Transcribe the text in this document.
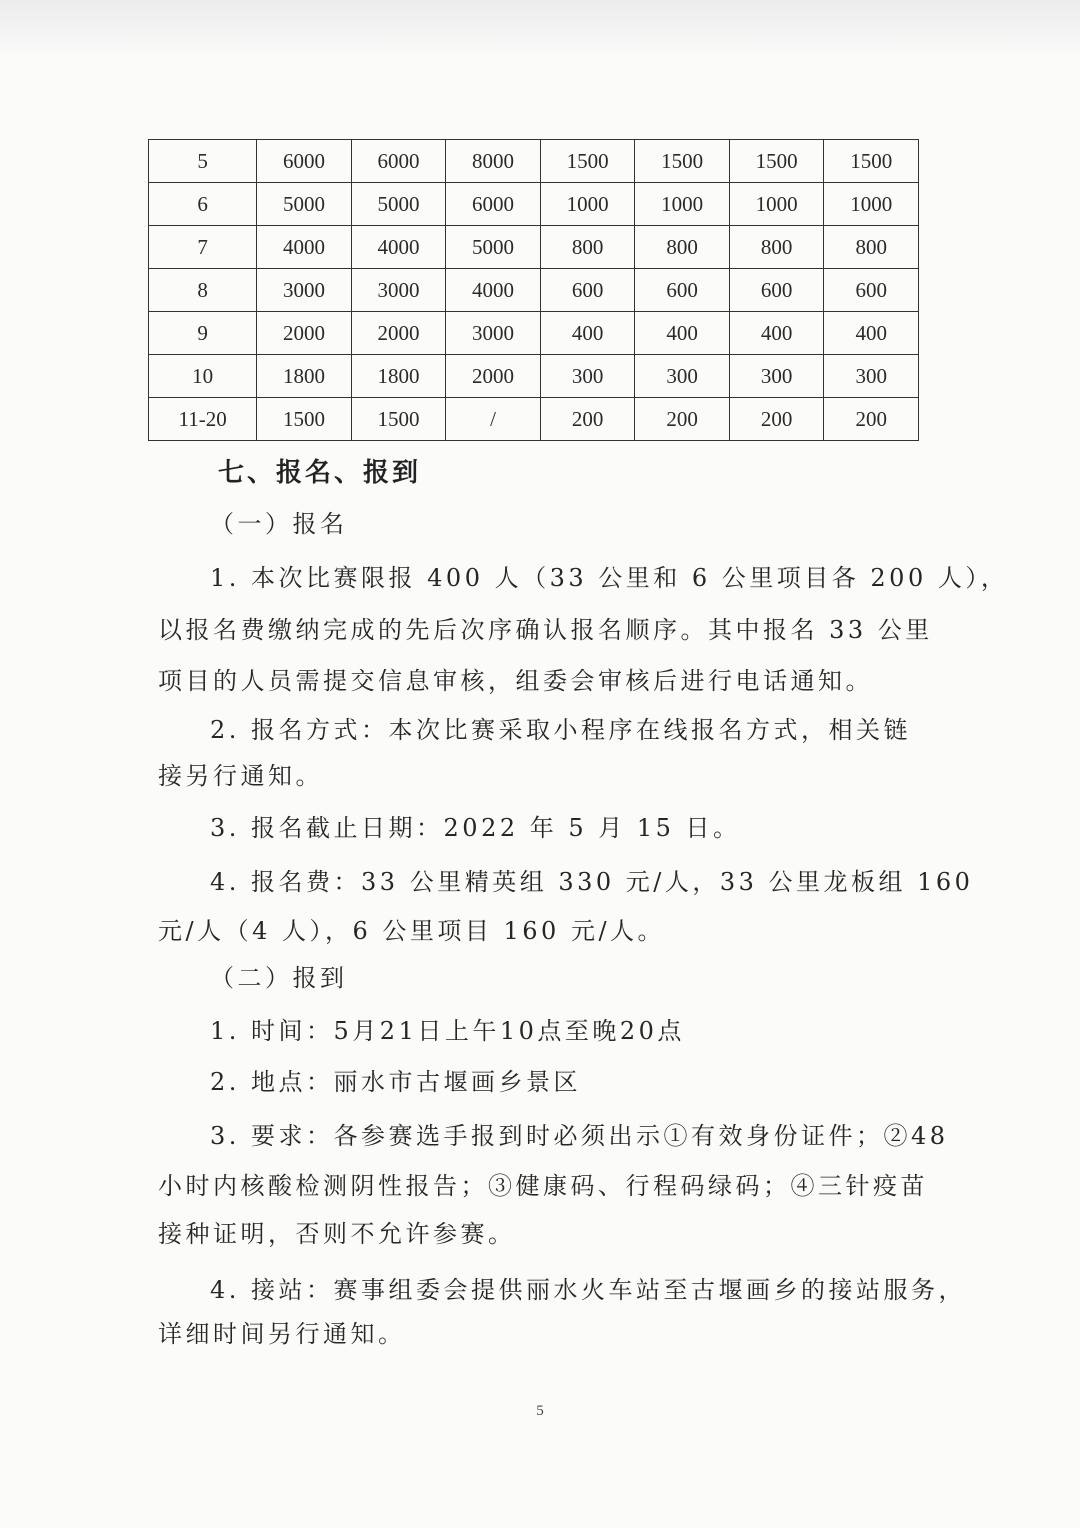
5	6000	6000	8000	1500	1500	1500	1500
6	5000	5000	6000	1000	1000	1000	1000
7	4000	4000	5000	800	800	800	800
8	3000	3000	4000	600	600	600	600
9	2000	2000	3000	400	400	400	400
10	1800	1800	2000	300	300	300	300
11-20	1500	1500	/	200	200	200	200
七、报名、报到

（一）报名

1. 本次比赛限报 400 人（33 公里和 6 公里项目各 200 人），

以报名费缴纳完成的先后次序确认报名顺序。其中报名 33 公里

项目的人员需提交信息审核，组委会审核后进行电话通知。

2. 报名方式：本次比赛采取小程序在线报名方式，相关链

接另行通知。

3. 报名截止日期：2022 年 5 月 15 日。

4. 报名费：33 公里精英组 330 元/人，33 公里龙板组 160

元/人（4 人），6 公里项目 160 元/人。

（二）报到

1. 时间：5月21日上午10点至晚20点

2. 地点：丽水市古堰画乡景区

3. 要求：各参赛选手报到时必须出示①有效身份证件；②48

小时内核酸检测阴性报告；③健康码、行程码绿码；④三针疫苗

接种证明，否则不允许参赛。

4. 接站：赛事组委会提供丽水火车站至古堰画乡的接站服务，

详细时间另行通知。

5
